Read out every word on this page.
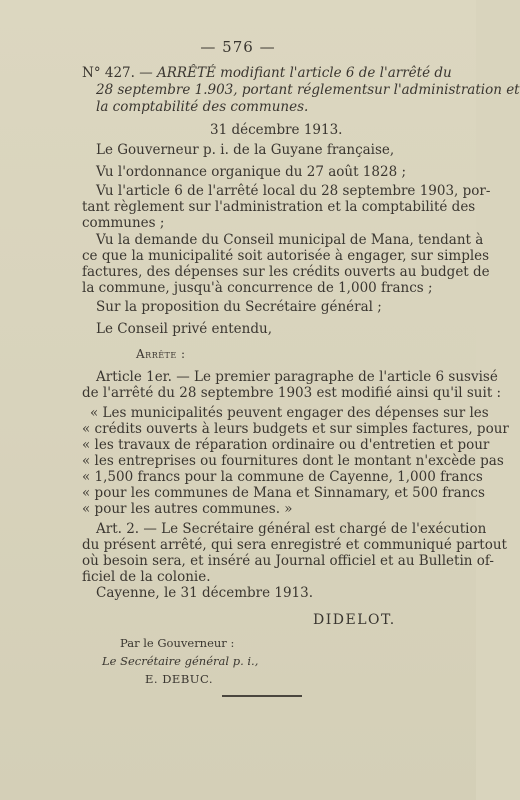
— 576 —

N° 427. — ARRÊTÉ modifiant l'article 6 de l'arrêté du

28 septembre 1.903, portant réglementsur l'administration et

la comptabilité des communes.

31 décembre 1913.

Le Gouverneur p. i. de la Guyane française,

Vu l'ordonnance organique du 27 août 1828 ;

Vu l'article 6 de l'arrêté local du 28 septembre 1903, por-

tant règlement sur l'administration et la comptabilité des

communes ;

Vu la demande du Conseil municipal de Mana, tendant à

ce que la municipalité soit autorisée à engager, sur simples

factures, des dépenses sur les crédits ouverts au budget de

la commune, jusqu'à concurrence de 1,000 francs ;

Sur la proposition du Secrétaire général ;

Le Conseil privé entendu,

Arrête :

Article 1er. — Le premier paragraphe de l'article 6 susvisé

de l'arrêté du 28 septembre 1903 est modifié ainsi qu'il suit :

« Les municipalités peuvent engager des dépenses sur les

« crédits ouverts à leurs budgets et sur simples factures, pour

« les travaux de réparation ordinaire ou d'entretien et pour

« les entreprises ou fournitures dont le montant n'excède pas

« 1,500 francs pour la commune de Cayenne, 1,000 francs

« pour les communes de Mana et Sinnamary, et 500 francs

« pour les autres communes. »

Art. 2. — Le Secrétaire général est chargé de l'exécution

du présent arrêté, qui sera enregistré et communiqué partout

où besoin sera, et inséré au Journal officiel et au Bulletin of-

ficiel de la colonie.

Cayenne, le 31 décembre 1913.

DIDELOT.

Par le Gouverneur :

Le Secrétaire général p. i.,

E. DEBUC.
